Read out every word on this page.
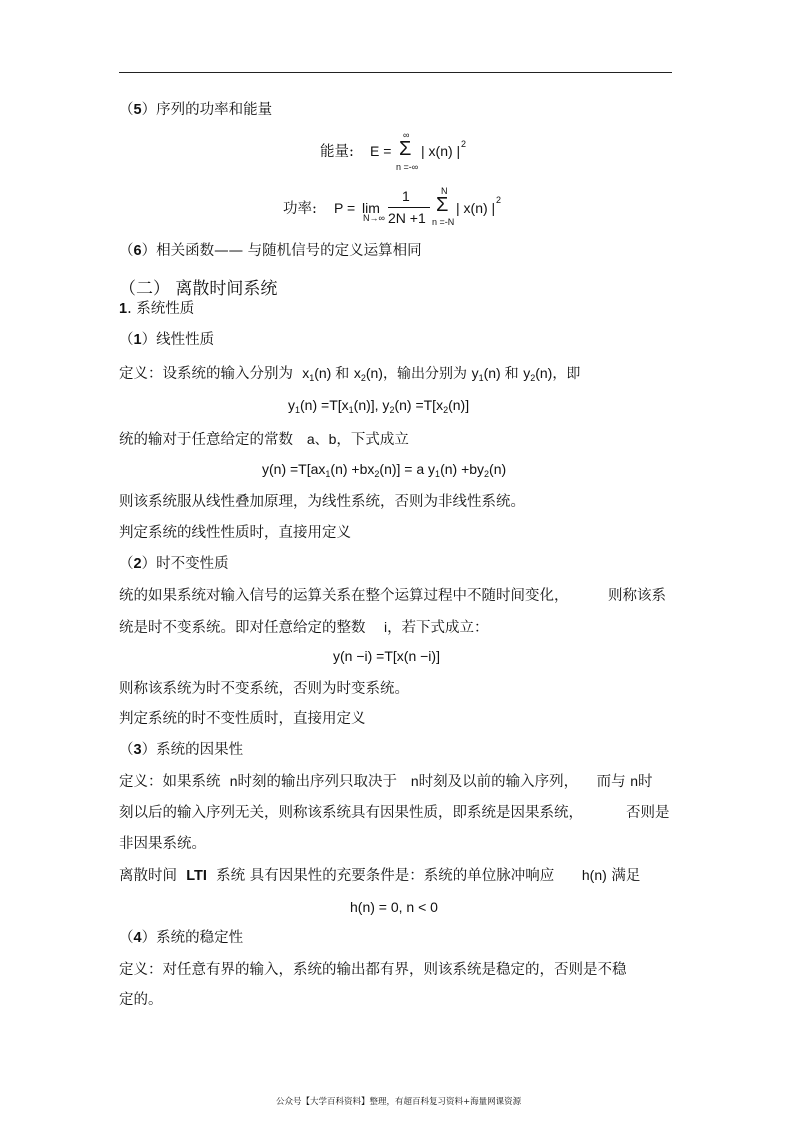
（5）序列的功率和能量
能量: E =
∞
Σ
n =-∞
| x(n) | 2
功率: P = lim
N→∞
1
2N +1
N
Σ
n =-N
| x(n) | 2
（6）相关函数—— 与随机信号的定义运算相同
（二） 离散时间系统
1. 系统性质
（1）线性性质
定义：设系统的输入分别为 $x_1(n)$ 和 $x_2(n)$，输出分别为 $y_1(n)$ 和 $y_2(n)$，即
$y_1(n) =T[x_1(n)]$, $y_2(n) =T[x_2(n)]$
统的输对于任意给定的常数 a、b，下式成立
$y(n) =T[ax_1(n) +bx_2(n)] = a$ $y_1(n) +by_2(n)$
则该系统服从线性叠加原理，为线性系统，否则为非线性系统。
判定系统的线性性质时，直接用定义
（2）时不变性质
统的如果系统对输入信号的运算关系在整个运算过程中不随时间变化，	则称该系
统是时不变系统。即对任意给定的整数 i，若下式成立：
y(n −i) =T[x(n −i)]
则称该系统为时不变系统，否则为时变系统。
判定系统的时不变性质时，直接用定义
（3）系统的因果性
定义：如果系统 n时刻的输出序列只取决于 n时刻及以前的输入序列， 而与 n时
刻以后的输入序列无关，则称该系统具有因果性质，即系统是因果系统，	否则是
非因果系统。
离散时间 LTI 系统 具有因果性的充要条件是：系统的单位脉冲响应 h(n) 满足
h(n) = 0, n < 0
（4）系统的稳定性
定义：对任意有界的输入，系统的输出都有界，则该系统是稳定的，否则是不稳
定的。
公众号【大学百科资料】整理，有超百科复习资料+海量网课资源
